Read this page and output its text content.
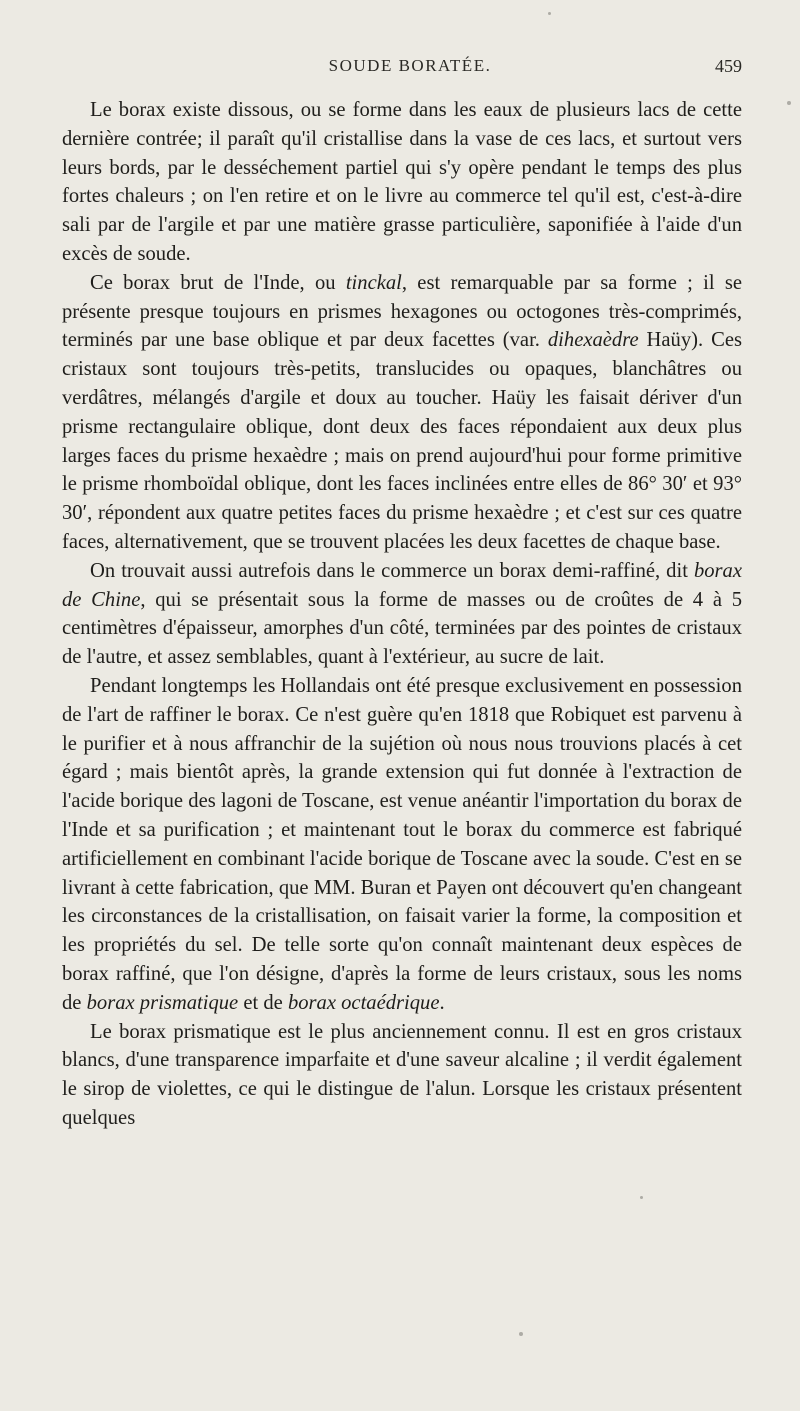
SOUDE BORATÉE.	459

Le borax existe dissous, ou se forme dans les eaux de plusieurs lacs de cette dernière contrée; il paraît qu'il cristallise dans la vase de ces lacs, et surtout vers leurs bords, par le desséchement partiel qui s'y opère pendant le temps des plus fortes chaleurs ; on l'en retire et on le livre au commerce tel qu'il est, c'est-à-dire sali par de l'argile et par une matière grasse particulière, saponifiée à l'aide d'un excès de soude.

Ce borax brut de l'Inde, ou tinckal, est remarquable par sa forme ; il se présente presque toujours en prismes hexagones ou octogones très-comprimés, terminés par une base oblique et par deux facettes (var. dihexaèdre Haüy). Ces cristaux sont toujours très-petits, translucides ou opaques, blanchâtres ou verdâtres, mélangés d'argile et doux au toucher. Haüy les faisait dériver d'un prisme rectangulaire oblique, dont deux des faces répondaient aux deux plus larges faces du prisme hexaèdre ; mais on prend aujourd'hui pour forme primitive le prisme rhomboïdal oblique, dont les faces inclinées entre elles de 86° 30′ et 93° 30′, répondent aux quatre petites faces du prisme hexaèdre ; et c'est sur ces quatre faces, alternativement, que se trouvent placées les deux facettes de chaque base.

On trouvait aussi autrefois dans le commerce un borax demi-raffiné, dit borax de Chine, qui se présentait sous la forme de masses ou de croûtes de 4 à 5 centimètres d'épaisseur, amorphes d'un côté, terminées par des pointes de cristaux de l'autre, et assez semblables, quant à l'extérieur, au sucre de lait.

Pendant longtemps les Hollandais ont été presque exclusivement en possession de l'art de raffiner le borax. Ce n'est guère qu'en 1818 que Robiquet est parvenu à le purifier et à nous affranchir de la sujétion où nous nous trouvions placés à cet égard ; mais bientôt après, la grande extension qui fut donnée à l'extraction de l'acide borique des lagoni de Toscane, est venue anéantir l'importation du borax de l'Inde et sa purification ; et maintenant tout le borax du commerce est fabriqué artificiellement en combinant l'acide borique de Toscane avec la soude. C'est en se livrant à cette fabrication, que MM. Buran et Payen ont découvert qu'en changeant les circonstances de la cristallisation, on faisait varier la forme, la composition et les propriétés du sel. De telle sorte qu'on connaît maintenant deux espèces de borax raffiné, que l'on désigne, d'après la forme de leurs cristaux, sous les noms de borax prismatique et de borax octaédrique.

Le borax prismatique est le plus anciennement connu. Il est en gros cristaux blancs, d'une transparence imparfaite et d'une saveur alcaline ; il verdit également le sirop de violettes, ce qui le distingue de l'alun. Lorsque les cristaux présentent quelques
